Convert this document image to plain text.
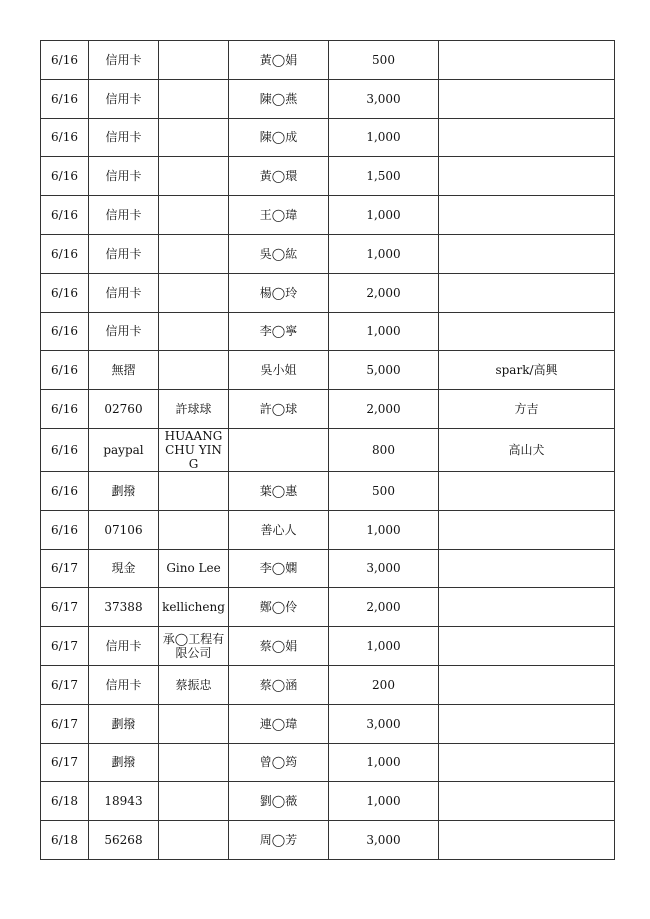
6/16	信用卡		黃◯娟	500	

6/16	信用卡		陳◯燕	3,000	

6/16	信用卡		陳◯成	1,000	

6/16	信用卡		黃◯環	1,500	

6/16	信用卡		王◯瑋	1,000	

6/16	信用卡		吳◯紘	1,000	

6/16	信用卡		楊◯玲	2,000	

6/16	信用卡		李◯寧	1,000	

6/16	無摺		吳小姐	5,000	spark/高興

6/16	02760	許球球	許◯球	2,000	方吉

6/16	paypal	HUAANG CHU YING		800	高山犬

6/16	劃撥		葉◯惠	500	

6/16	07106		善心人	1,000	

6/17	現金	Gino Lee	李◯嫻	3,000	

6/17	37388	kellicheng	鄭◯伶	2,000	

6/17	信用卡	承◯工程有限公司	蔡◯娟	1,000	

6/17	信用卡	蔡振忠	蔡◯涵	200	

6/17	劃撥		連◯瑋	3,000	

6/17	劃撥		曾◯筠	1,000	

6/18	18943		劉◯薇	1,000	

6/18	56268		周◯芳	3,000	
